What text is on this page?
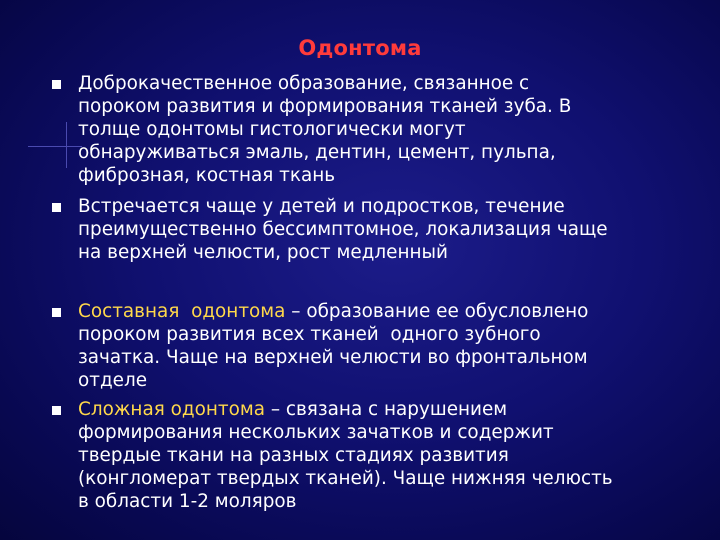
Одонтома
Доброкачественное образование, связанное с
пороком развития и формирования тканей зуба. В
толще одонтомы гистологически могут
обнаруживаться эмаль, дентин, цемент, пульпа,
фиброзная, костная ткань
Встречается чаще у детей и подростков, течение
преимущественно бессимптомное, локализация чаще
на верхней челюсти, рост медленный
Составная  одонтома – образование ее обусловлено
пороком развития всех тканей  одного зубного
зачатка. Чаще на верхней челюсти во фронтальном
отделе
Сложная одонтома – связана с нарушением
формирования нескольких зачатков и содержит
твердые ткани на разных стадиях развития
(конгломерат твердых тканей). Чаще нижняя челюсть
в области 1-2 моляров
